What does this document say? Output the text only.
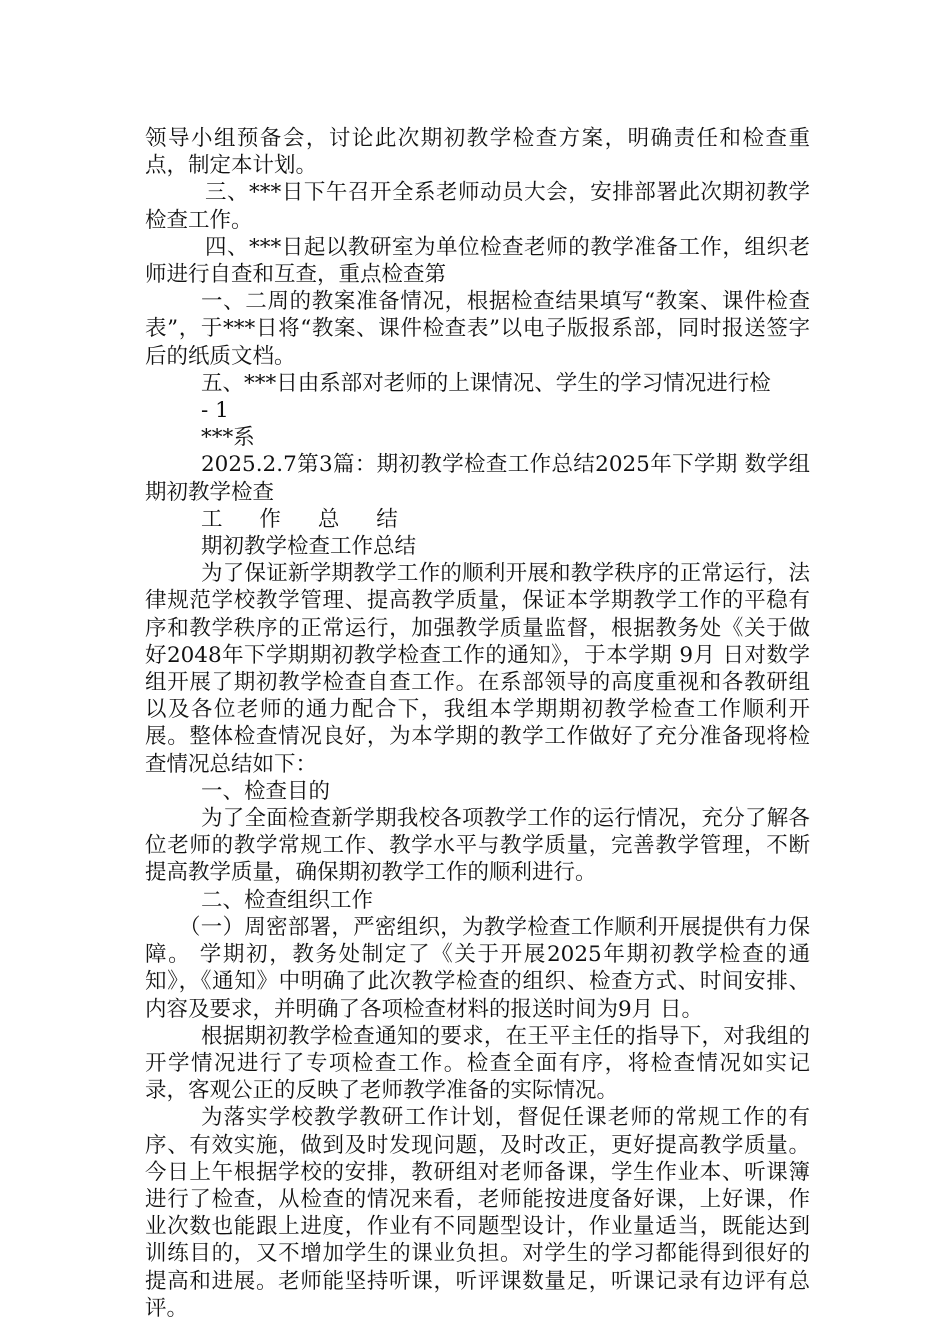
领导小组预备会，讨论此次期初教学检查方案，明确责任和检查重点，制定本计划。

三、***日下午召开全系老师动员大会，安排部署此次期初教学检查工作。

四、***日起以教研室为单位检查老师的教学准备工作，组织老师进行自查和互查，重点检查第

一、二周的教案准备情况，根据检查结果填写“教案、课件检查表”，于***日将“教案、课件检查表”以电子版报系部，同时报送签字后的纸质文档。

五、***日由系部对老师的上课情况、学生的学习情况进行检

- 1

***系

2025.2.7第3篇：期初教学检查工作总结2025年下学期 数学组期初教学检查

工 作 总 结

期初教学检查工作总结

为了保证新学期教学工作的顺利开展和教学秩序的正常运行，法律规范学校教学管理、提高教学质量，保证本学期教学工作的平稳有序和教学秩序的正常运行，加强教学质量监督，根据教务处《关于做好2048年下学期期初教学检查工作的通知》，于本学期 9月 日对数学组开展了期初教学检查自查工作。在系部领导的高度重视和各教研组以及各位老师的通力配合下，我组本学期期初教学检查工作顺利开展。整体检查情况良好，为本学期的教学工作做好了充分准备现将检查情况总结如下：

一、检查目的

为了全面检查新学期我校各项教学工作的运行情况，充分了解各位老师的教学常规工作、教学水平与教学质量，完善教学管理，不断提高教学质量，确保期初教学工作的顺利进行。

二、检查组织工作

（一）周密部署，严密组织，为教学检查工作顺利开展提供有力保障。 学期初，教务处制定了《关于开展2025年期初教学检查的通知》，《通知》中明确了此次教学检查的组织、检查方式、时间安排、内容及要求，并明确了各项检查材料的报送时间为9月 日。

根据期初教学检查通知的要求，在王平主任的指导下，对我组的开学情况进行了专项检查工作。检查全面有序，将检查情况如实记录，客观公正的反映了老师教学准备的实际情况。

为落实学校教学教研工作计划，督促任课老师的常规工作的有序、有效实施，做到及时发现问题，及时改正，更好提高教学质量。今日上午根据学校的安排，教研组对老师备课，学生作业本、听课簿进行了检查，从检查的情况来看，老师能按进度备好课，上好课，作业次数也能跟上进度，作业有不同题型设计，作业量适当，既能达到训练目的，又不增加学生的课业负担。对学生的学习都能得到很好的提高和进展。老师能坚持听课，听评课数量足，听课记录有边评有总评。
